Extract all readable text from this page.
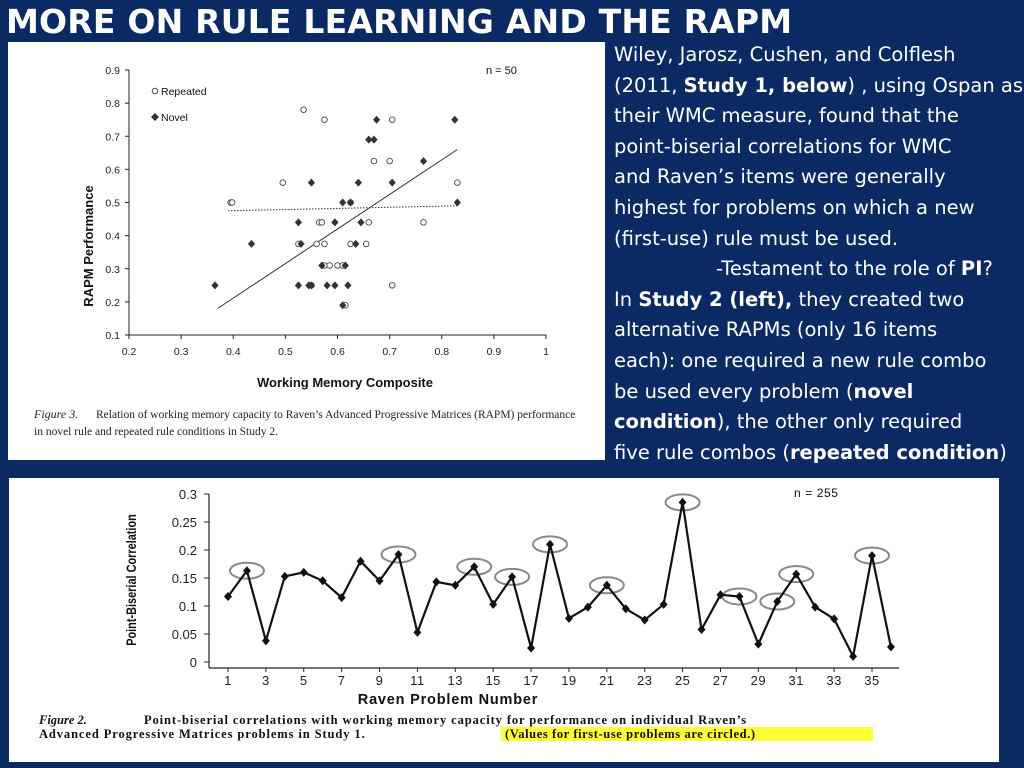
MORE ON RULE LEARNING AND THE RAPM
0.2	0.3	0.4	0.5	0.6	0.7	0.8	0.9	1
0.1
0.2
0.3
0.4
0.5
0.6
0.7
0.8
0.9
RAPM Performance
Working Memory Composite
n = 50
Repeated
Novel
Figure 3. Relation of working memory capacity to Raven’s Advanced Progressive Matrices (RAPM) performance
in novel rule and repeated rule conditions in Study 2.

Wiley, Jarosz, Cushen, and Colflesh

(2011, Study 1, below) , using Ospan as

their WMC measure, found that the

point-biserial correlations for WMC

and Raven’s items were generally

highest for problems on which a new

(first-use) rule must be used.

-Testament to the role of PI?

In Study 2 (left), they created two

alternative RAPMs (only 16 items

each): one required a new rule combo

be used every problem (novel

condition), the other only required

five rule combos (repeated condition)

0
0.05
0.1
0.15
0.2
0.25
0.3
1 3 5 7 9 11 13 15 17 19 21 23 25 27 29 31 33 35
Point-Biserial Correlation
Raven Problem Number
n = 255
Figure 2.	Point-biserial correlations with working memory capacity for performance on individual Raven’s
Advanced Progressive Matrices problems in Study 1.	(Values for first-use problems are circled.)
